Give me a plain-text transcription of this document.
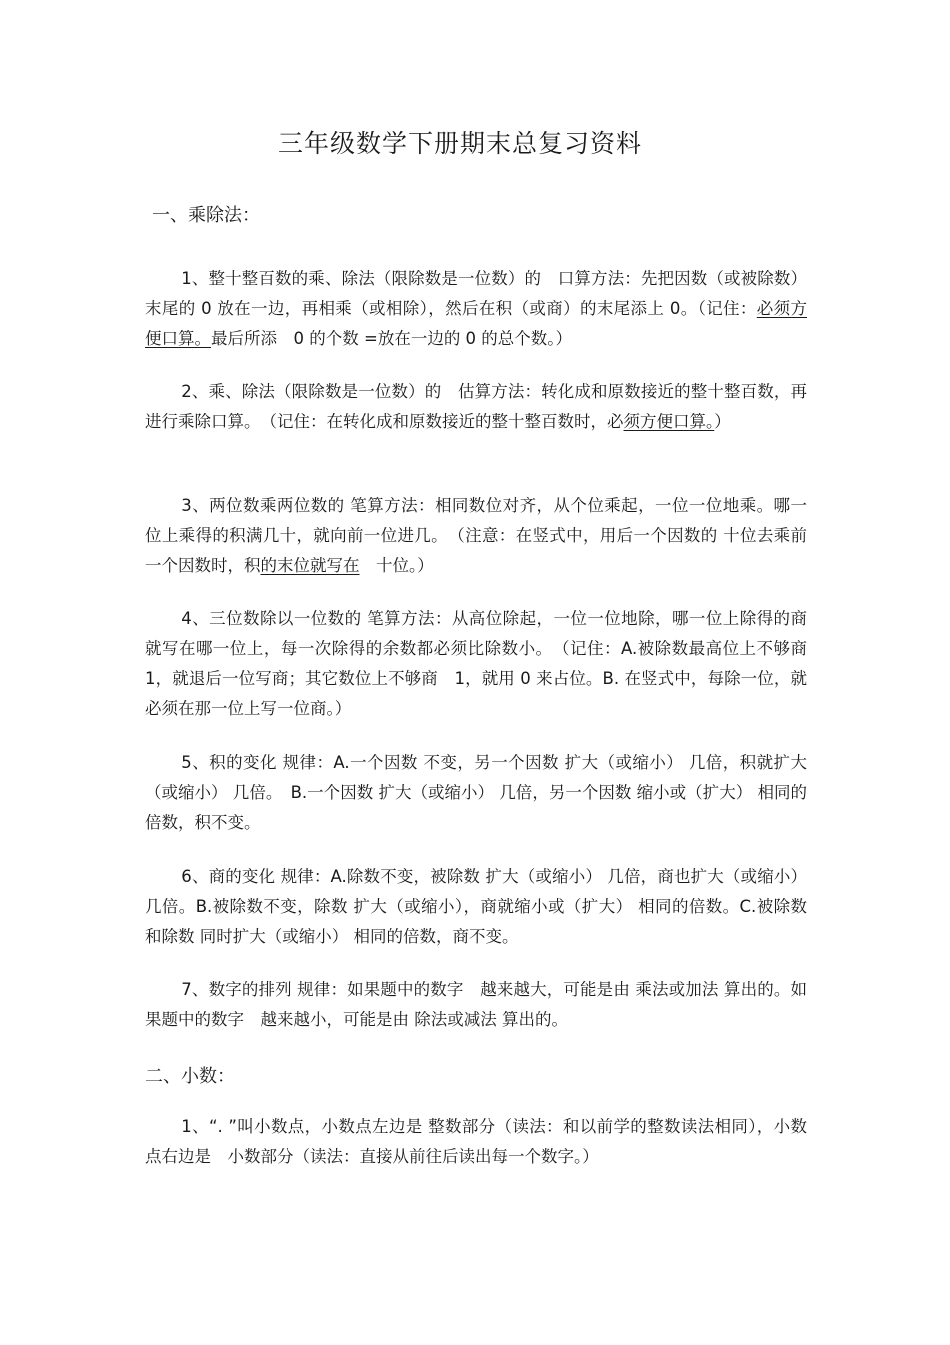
三年级数学下册期末总复习资料
一、乘除法：

1、整十整百数的乘、除法（限除数是一位数）的　口算方法：先把因数（或被除数）末尾的 0 放在一边，再相乘（或相除），然后在积（或商）的末尾添上 0。（记住：必须方便口算。最后所添　0 的个数 =放在一边的 0 的总个数。）

2、乘、除法（限除数是一位数）的　估算方法：转化成和原数接近的整十整百数，再进行乘除口算。　（记住：在转化成和原数接近的整十整百数时，必须方便口算。）

3、两位数乘两位数的 笔算方法：相同数位对齐，从个位乘起，一位一位地乘。哪一位上乘得的积满几十，就向前一位进几。　（注意：在竖式中，用后一个因数的 十位去乘前一个因数时，积的末位就写在　十位。）

4、三位数除以一位数的 笔算方法：从高位除起，一位一位地除，哪一位上除得的商就写在哪一位上，每一次除得的余数都必须比除数小。　（记住：A.被除数最高位上不够商　1，就退后一位写商；其它数位上不够商　1，就用 0 来占位。B. 在竖式中，每除一位，就必须在那一位上写一位商。）

5、积的变化 规律：A.一个因数 不变，另一个因数 扩大（或缩小） 几倍，积就扩大（或缩小） 几倍。　B.一个因数 扩大（或缩小） 几倍，另一个因数 缩小或（扩大） 相同的倍数，积不变。

6、商的变化 规律：A.除数不变，被除数 扩大（或缩小） 几倍，商也扩大（或缩小）几倍。B.被除数不变，除数 扩大（或缩小），商就缩小或（扩大） 相同的倍数。C.被除数和除数 同时扩大（或缩小） 相同的倍数，商不变。

7、数字的排列 规律：如果题中的数字　越来越大，可能是由 乘法或加法 算出的。如果题中的数字　越来越小，可能是由 除法或减法 算出的。

二、小数：

1、“. ”叫小数点，小数点左边是 整数部分（读法：和以前学的整数读法相同），小数点右边是　小数部分（读法：直接从前往后读出每一个数字。）
